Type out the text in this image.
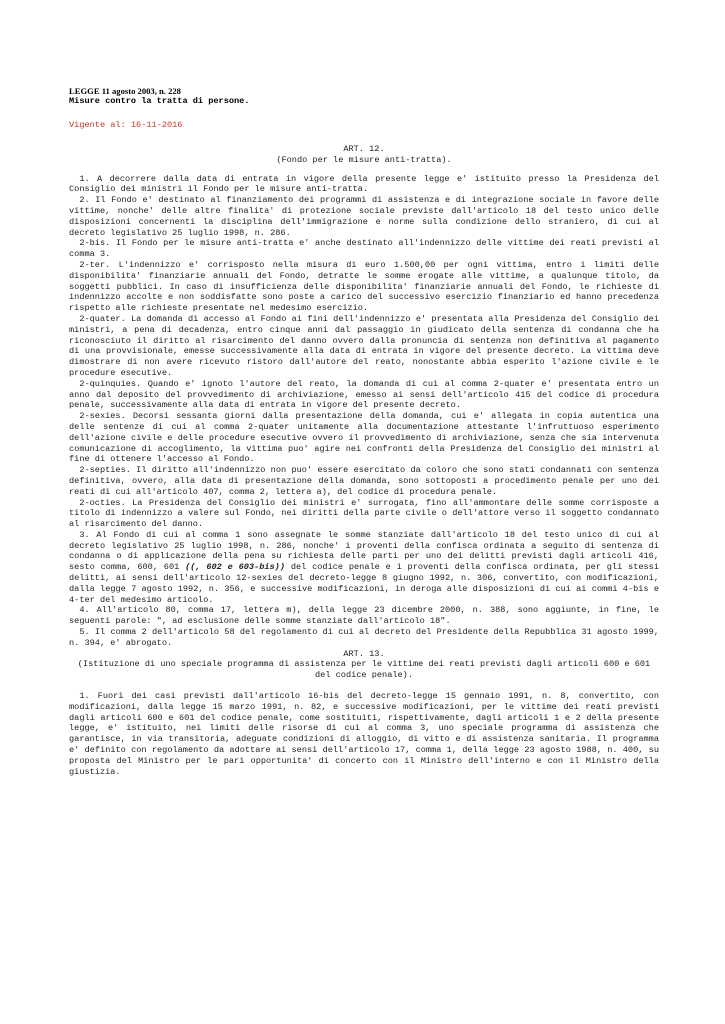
LEGGE 11 agosto 2003, n. 228

Misure contro la tratta di persone.

Vigente al: 16-11-2016
ART. 12.
(Fondo per le misure anti-tratta).

1. A decorrere dalla data di entrata in vigore della presente legge e' istituito presso la Presidenza del Consiglio dei ministri il Fondo per le misure anti-tratta.

2. Il Fondo e' destinato al finanziamento dei programmi di assistenza e di integrazione sociale in favore delle vittime, nonche' delle altre finalita' di protezione sociale previste dall'articolo 18 del testo unico delle disposizioni concernenti la disciplina dell'immigrazione e norme sulla condizione dello straniero, di cui al decreto legislativo 25 luglio 1998, n. 286.

2-bis. Il Fondo per le misure anti-tratta e' anche destinato all'indennizzo delle vittime dei reati previsti al comma 3.

2-ter. L'indennizzo e' corrisposto nella misura di euro 1.500,00 per ogni vittima, entro i limiti delle disponibilita' finanziarie annuali del Fondo, detratte le somme erogate alle vittime, a qualunque titolo, da soggetti pubblici. In caso di insufficienza delle disponibilita' finanziarie annuali del Fondo, le richieste di indennizzo accolte e non soddisfatte sono poste a carico del successivo esercizio finanziario ed hanno precedenza rispetto alle richieste presentate nel medesimo esercizio.

2-quater. La domanda di accesso al Fondo ai fini dell'indennizzo e' presentata alla Presidenza del Consiglio dei ministri, a pena di decadenza, entro cinque anni dal passaggio in giudicato della sentenza di condanna che ha riconosciuto il diritto al risarcimento del danno ovvero dalla pronuncia di sentenza non definitiva al pagamento di una provvisionale, emesse successivamente alla data di entrata in vigore del presente decreto. La vittima deve dimostrare di non avere ricevuto ristoro dall'autore del reato, nonostante abbia esperito l'azione civile e le procedure esecutive.

2-quinquies. Quando e' ignoto l'autore del reato, la domanda di cui al comma 2-quater e' presentata entro un anno dal deposito del provvedimento di archiviazione, emesso ai sensi dell'articolo 415 del codice di procedura penale, successivamente alla data di entrata in vigore del presente decreto.

2-sexies. Decorsi sessanta giorni dalla presentazione della domanda, cui e' allegata in copia autentica una delle sentenze di cui al comma 2-quater unitamente alla documentazione attestante l'infruttuoso esperimento dell'azione civile e delle procedure esecutive ovvero il provvedimento di archiviazione, senza che sia intervenuta comunicazione di accoglimento, la vittima puo' agire nei confronti della Presidenza del Consiglio dei ministri al fine di ottenere l'accesso al Fondo.

2-septies. Il diritto all'indennizzo non puo' essere esercitato da coloro che sono stati condannati con sentenza definitiva, ovvero, alla data di presentazione della domanda, sono sottoposti a procedimento penale per uno dei reati di cui all'articolo 407, comma 2, lettera a), del codice di procedura penale.

2-octies. La Presidenza del Consiglio dei ministri e' surrogata, fino all'ammontare delle somme corrisposte a titolo di indennizzo a valere sul Fondo, nei diritti della parte civile o dell'attore verso il soggetto condannato al risarcimento del danno.

3. Al Fondo di cui al comma 1 sono assegnate le somme stanziate dall'articolo 18 del testo unico di cui al decreto legislativo 25 luglio 1998, n. 286, nonche' i proventi della confisca ordinata a seguito di sentenza di condanna o di applicazione della pena su richiesta delle parti per uno dei delitti previsti dagli articoli 416, sesto comma, 600, 601 ((, 602 e 603-bis)) del codice penale e i proventi della confisca ordinata, per gli stessi delitti, ai sensi dell'articolo 12-sexies del decreto-legge 8 giugno 1992, n. 306, convertito, con modificazioni, dalla legge 7 agosto 1992, n. 356, e successive modificazioni, in deroga alle disposizioni di cui ai commi 4-bis e 4-ter del medesimo articolo.

4. All'articolo 80, comma 17, lettera m), della legge 23 dicembre 2000, n. 388, sono aggiunte, in fine, le seguenti parole: ", ad esclusione delle somme stanziate dall'articolo 18".

5. Il comma 2 dell'articolo 58 del regolamento di cui al decreto del Presidente della Repubblica 31 agosto 1999, n. 394, e' abrogato.

ART. 13.
(Istituzione di uno speciale programma di assistenza per le vittime dei reati previsti dagli articoli 600 e 601 del codice penale).

1. Fuori dei casi previsti dall'articolo 16-bis del decreto-legge 15 gennaio 1991, n. 8, convertito, con modificazioni, dalla legge 15 marzo 1991, n. 82, e successive modificazioni, per le vittime dei reati previsti dagli articoli 600 e 601 del codice penale, come sostituiti, rispettivamente, dagli articoli 1 e 2 della presente legge, e' istituito, nei limiti delle risorse di cui al comma 3, uno speciale programma di assistenza che garantisce, in via transitoria, adeguate condizioni di alloggio, di vitto e di assistenza sanitaria. Il programma e' definito con regolamento da adottare ai sensi dell'articolo 17, comma 1, della legge 23 agosto 1988, n. 400, su proposta del Ministro per le pari opportunita' di concerto con il Ministro dell'interno e con il Ministro della giustizia.
